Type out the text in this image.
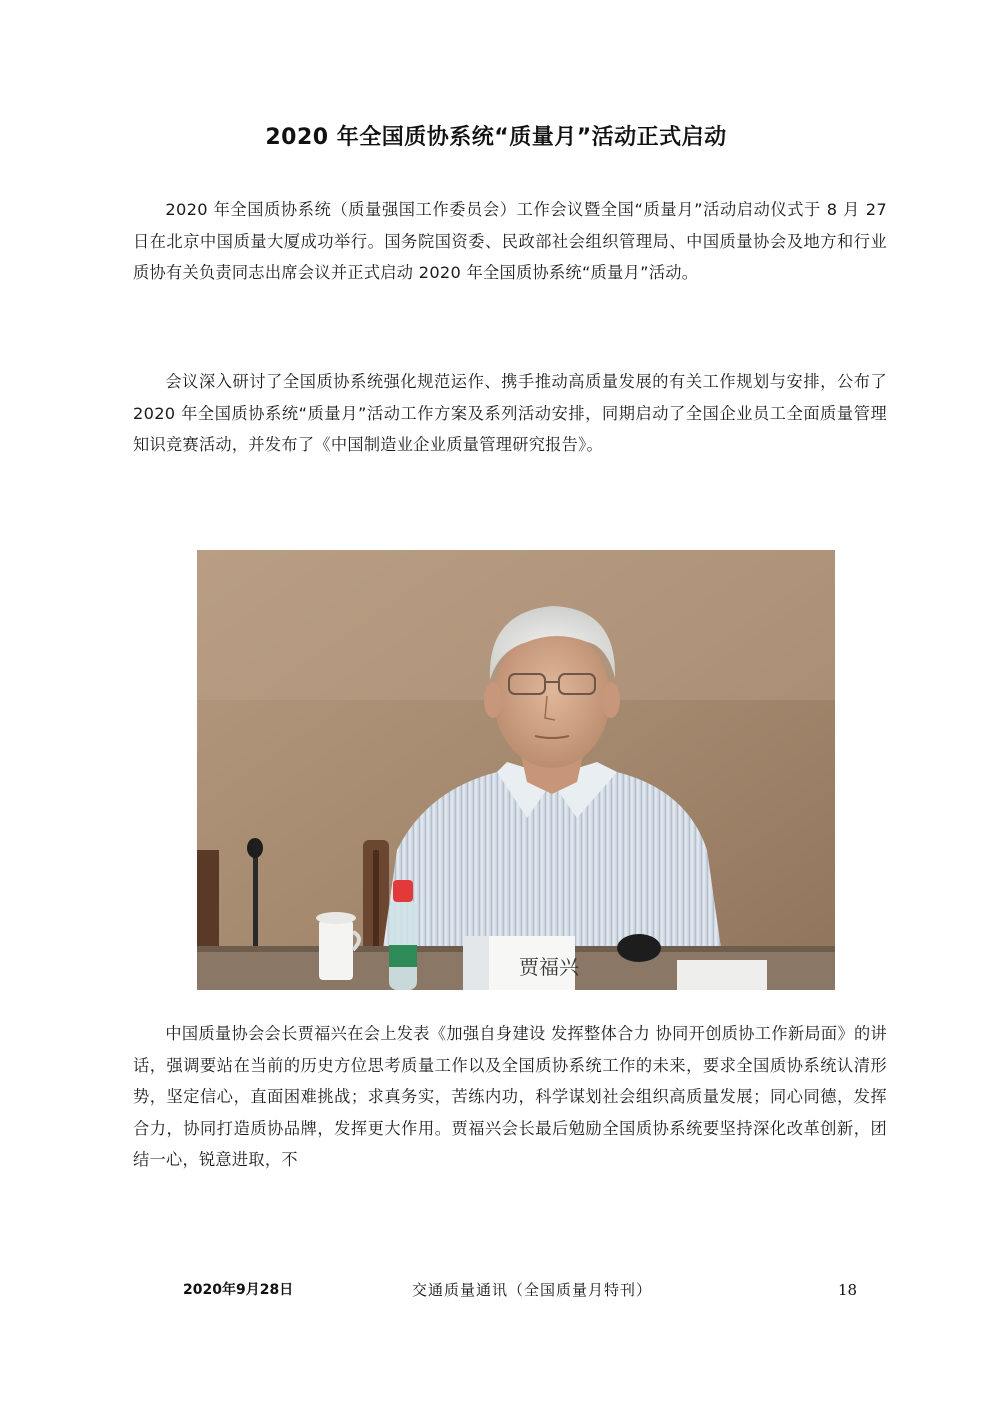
2020 年全国质协系统“质量月”活动正式启动

2020 年全国质协系统（质量强国工作委员会）工作会议暨全国“质量月”活动启动仪式于 8 月 27 日在北京中国质量大厦成功举行。国务院国资委、民政部社会组织管理局、中国质量协会及地方和行业质协有关负责同志出席会议并正式启动 2020 年全国质协系统“质量月”活动。

会议深入研讨了全国质协系统强化规范运作、携手推动高质量发展的有关工作规划与安排，公布了 2020 年全国质协系统“质量月”活动工作方案及系列活动安排，同期启动了全国企业员工全面质量管理知识竞赛活动，并发布了《中国制造业企业质量管理研究报告》。

贾福兴

中国质量协会会长贾福兴在会上发表《加强自身建设 发挥整体合力 协同开创质协工作新局面》的讲话，强调要站在当前的历史方位思考质量工作以及全国质协系统工作的未来，要求全国质协系统认清形势，坚定信心，直面困难挑战；求真务实，苦练内功，科学谋划社会组织高质量发展；同心同德，发挥合力，协同打造质协品牌，发挥更大作用。贾福兴会长最后勉励全国质协系统要坚持深化改革创新，团结一心，锐意进取，不

2020年9月28日	交通质量通讯（全国质量月特刊）	18
